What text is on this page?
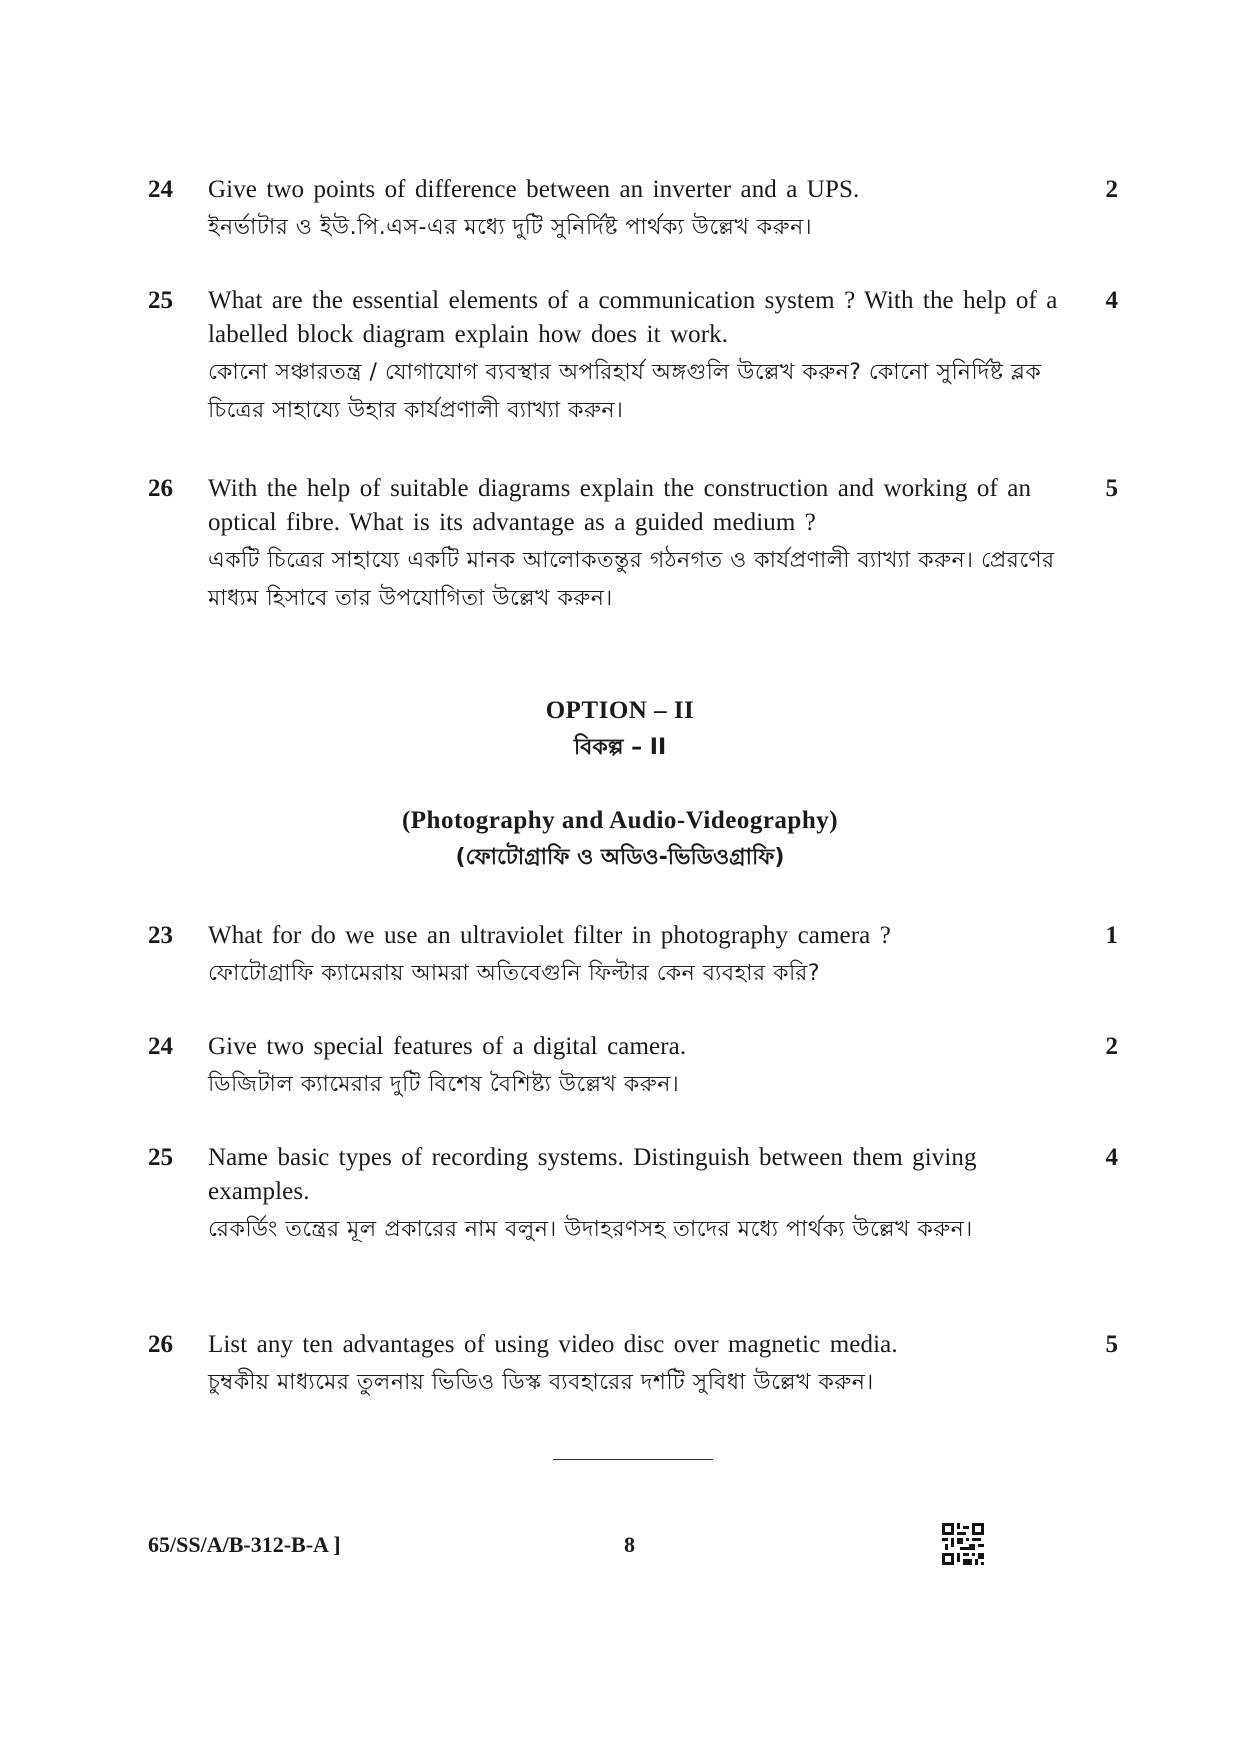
24 Give two points of difference between an inverter and a UPS.
ইনর্ভাটার ও ইউ.পি.এস-এর মধ্যে দুটি সুনির্দিষ্ট পার্থক্য উল্লেখ করুন।
2
25 What are the essential elements of a communication system ? With the help of a labelled block diagram explain how does it work.
কোনো সঞ্চারতন্ত্র / যোগাযোগ ব্যবস্থার অপরিহার্য অঙ্গগুলি উল্লেখ করুন? কোনো সুনির্দিষ্ট ব্লক চিত্রের সাহায্যে উহার কার্যপ্রণালী ব্যাখ্যা করুন।
4
26 With the help of suitable diagrams explain the construction and working of an optical fibre. What is its advantage as a guided medium ?
একটি চিত্রের সাহায্যে একটি মানক আলোকতন্তুর গঠনগত ও কার্যপ্রণালী ব্যাখ্যা করুন। প্রেরণের মাধ্যম হিসাবে তার উপযোগিতা উল্লেখ করুন।
5
OPTION – II
বিকল্প – II
(Photography and Audio-Videography)
(ফোটোগ্রাফি ও অডিও-ভিডিওগ্রাফি)
23 What for do we use an ultraviolet filter in photography camera ?
ফোটোগ্রাফি ক্যামেরায় আমরা অতিবেগুনি ফিল্টার কেন ব্যবহার করি?
1
24 Give two special features of a digital camera.
ডিজিটাল ক্যামেরার দুটি বিশেষ বৈশিষ্ট্য উল্লেখ করুন।
2
25 Name basic types of recording systems. Distinguish between them giving examples.
রেকর্ডিং তন্ত্রের মূল প্রকারের নাম বলুন। উদাহরণসহ তাদের মধ্যে পার্থক্য উল্লেখ করুন।
4
26 List any ten advantages of using video disc over magnetic media.
চুম্বকীয় মাধ্যমের তুলনায় ভিডিও ডিস্ক ব্যবহারের দশটি সুবিধা উল্লেখ করুন।
5
65/SS/A/B-312-B-A ]	8
